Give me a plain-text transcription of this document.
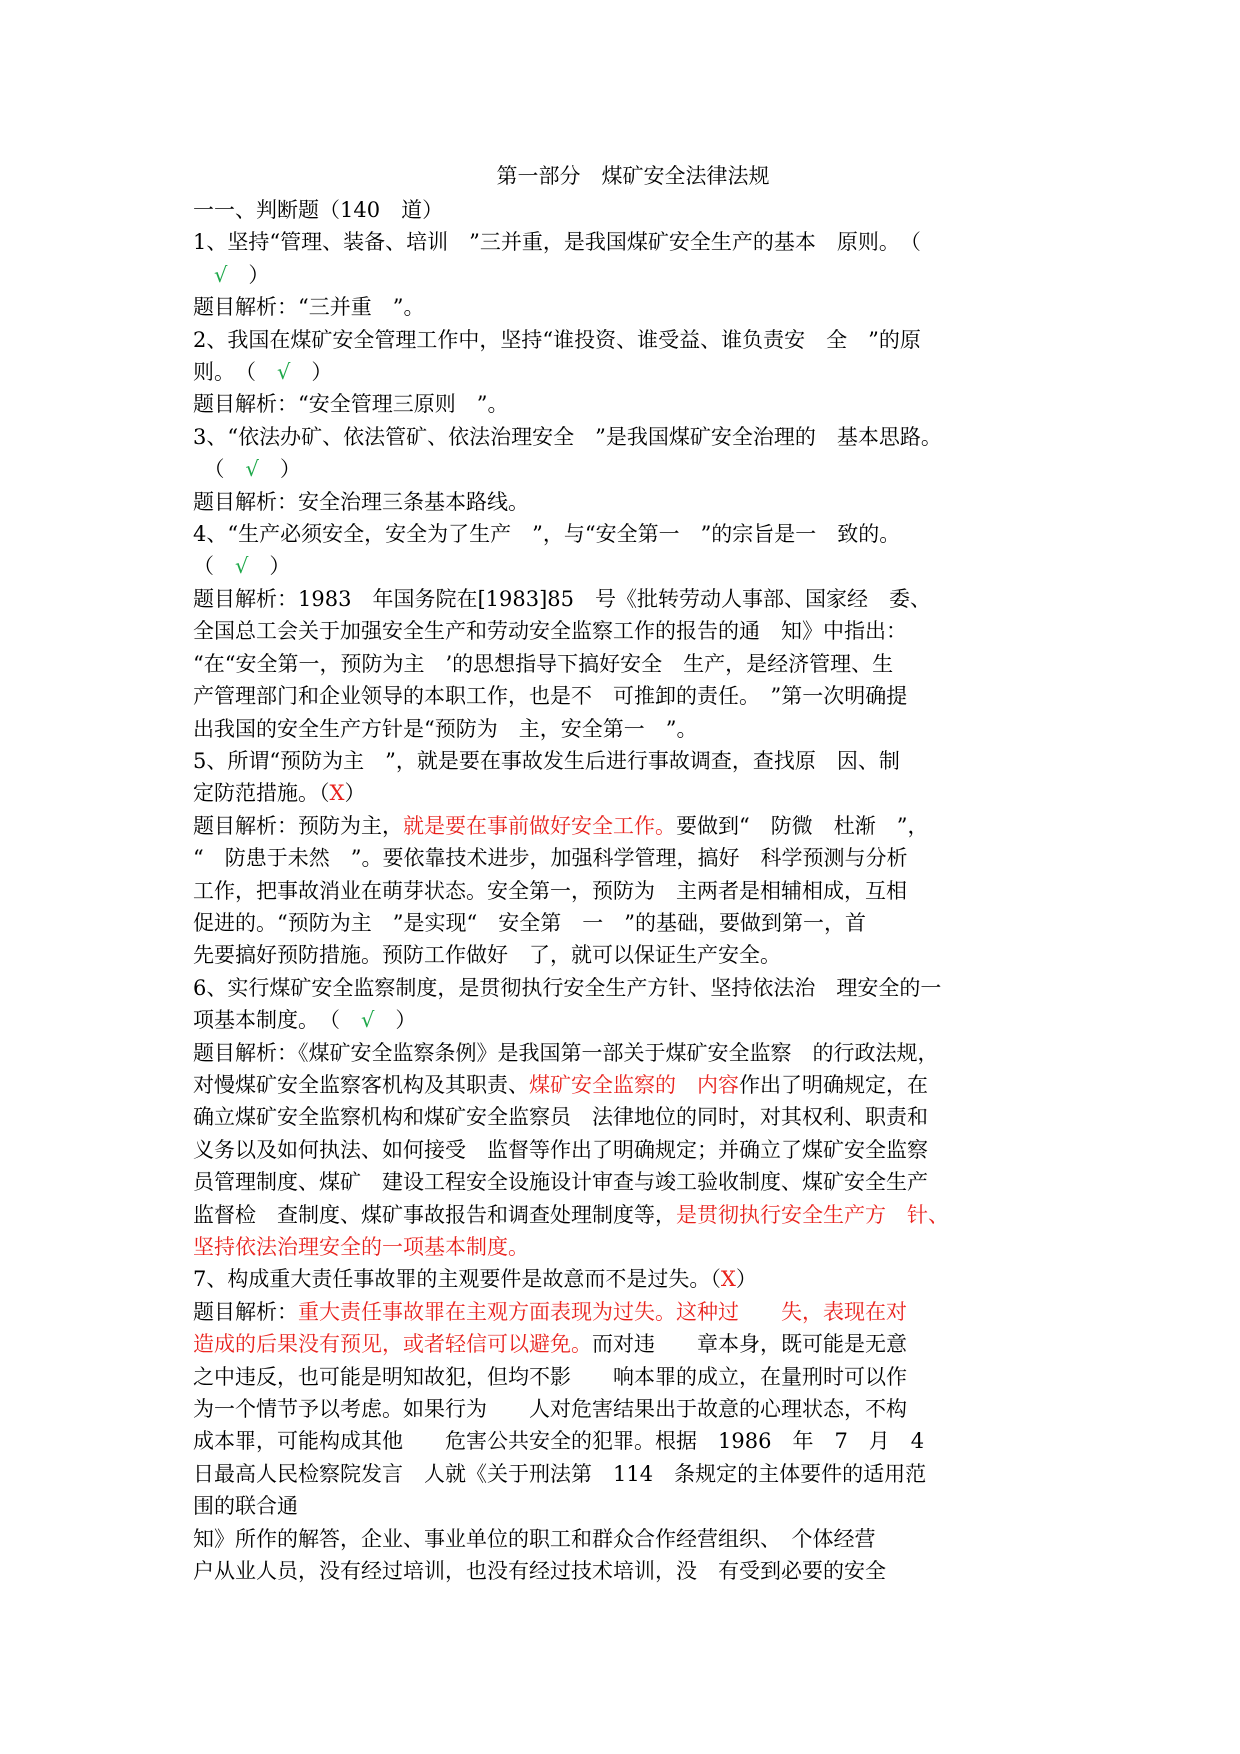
第一部分　煤矿安全法律法规
一一、判断题（140　道）
1、坚持“管理、装备、培训　”三并重，是我国煤矿安全生产的基本　原则。　（
　√　）
题目解析：“三并重　”。
2、我国在煤矿安全管理工作中，坚持“谁投资、谁受益、谁负责安　全　”的原
则。　（　√　）
题目解析：“安全管理三原则　”。
3、“依法办矿、依法管矿、依法治理安全　”是我国煤矿安全治理的　基本思路。
　（　√　）
题目解析：安全治理三条基本路线。
4、“生产必须安全，安全为了生产　”，与“安全第一　”的宗旨是一　致的。
（　√　）
题目解析：1983　年国务院在[1983]85　号《批转劳动人事部、国家经　委、
全国总工会关于加强安全生产和劳动安全监察工作的报告的通　知》中指出：
“在“安全第一，预防为主　’的思想指导下搞好安全　生产，是经济管理、生
产管理部门和企业领导的本职工作，也是不　可推卸的责任。　”第一次明确提
出我国的安全生产方针是“预防为　主，安全第一　”。
5、所谓“预防为主　”，就是要在事故发生后进行事故调查，查找原　因、制
定防范措施。（X）
题目解析：预防为主，就是要在事前做好安全工作。要做到“　防微　杜渐　”，
“　防患于未然　”。要依靠技术进步，加强科学管理，搞好　科学预测与分析
工作，把事故消业在萌芽状态。安全第一，预防为　主两者是相辅相成，互相
促进的。“预防为主　”是实现“　安全第　一　”的基础，要做到第一，首
先要搞好预防措施。预防工作做好　了，就可以保证生产安全。
6、实行煤矿安全监察制度，是贯彻执行安全生产方针、坚持依法治　理安全的一
项基本制度。　（　√　）
题目解析：《煤矿安全监察条例》是我国第一部关于煤矿安全监察　的行政法规，
对慢煤矿安全监察客机构及其职责、煤矿安全监察的　内容作出了明确规定，在
确立煤矿安全监察机构和煤矿安全监察员　法律地位的同时，对其权利、职责和
义务以及如何执法、如何接受　监督等作出了明确规定；并确立了煤矿安全监察
员管理制度、煤矿　建设工程安全设施设计审查与竣工验收制度、煤矿安全生产
监督检　查制度、煤矿事故报告和调查处理制度等，是贯彻执行安全生产方　针、
坚持依法治理安全的一项基本制度。
7、构成重大责任事故罪的主观要件是故意而不是过失。（X）
题目解析：重大责任事故罪在主观方面表现为过失。这种过　　失，表现在对
造成的后果没有预见，或者轻信可以避免。而对违　　章本身，既可能是无意
之中违反，也可能是明知故犯，但均不影　　响本罪的成立，在量刑时可以作
为一个情节予以考虑。如果行为　　人对危害结果出于故意的心理状态，不构
成本罪，可能构成其他　　危害公共安全的犯罪。根据　1986　年　7　月　4
日最高人民检察院发言　人就《关于刑法第　114　条规定的主体要件的适用范
围的联合通
知》所作的解答，企业、事业单位的职工和群众合作经营组织、　个体经营
户从业人员，没有经过培训，也没有经过技术培训，没　有受到必要的安全
